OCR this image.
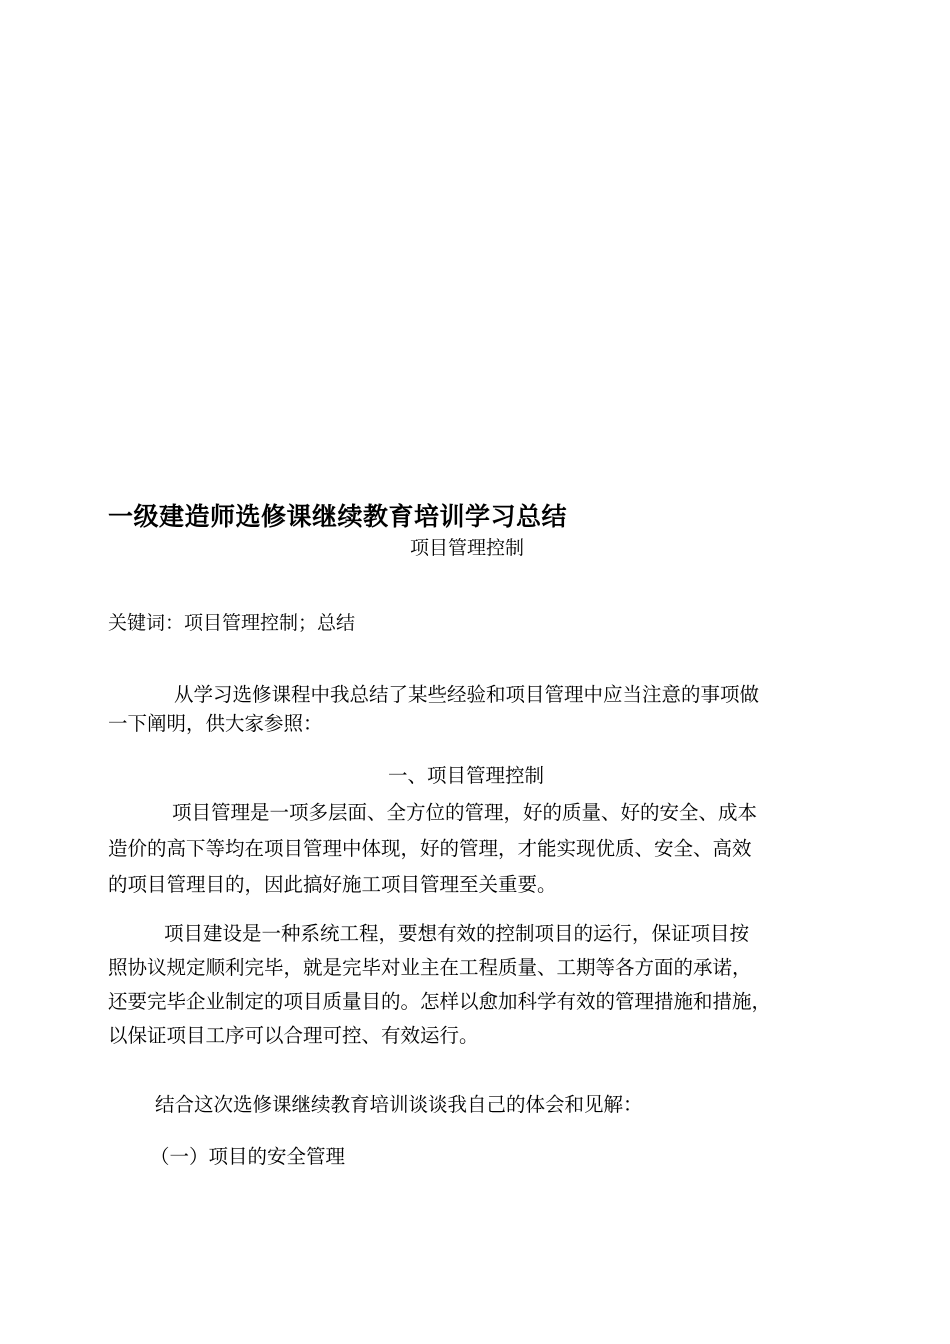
一级建造师选修课继续教育培训学习总结
项目管理控制
关键词：项目管理控制；总结

从学习选修课程中我总结了某些经验和项目管理中应当注意的事项做
一下阐明，供大家参照：

一、项目管理控制

项目管理是一项多层面、全方位的管理，好的质量、好的安全、成本
造价的高下等均在项目管理中体现，好的管理，才能实现优质、安全、高效
的项目管理目的，因此搞好施工项目管理至关重要。

项目建设是一种系统工程，要想有效的控制项目的运行，保证项目按
照协议规定顺利完毕，就是完毕对业主在工程质量、工期等各方面的承诺，
还要完毕企业制定的项目质量目的。怎样以愈加科学有效的管理措施和措施，
以保证项目工序可以合理可控、有效运行。

结合这次选修课继续教育培训谈谈我自己的体会和见解：
（一）项目的安全管理
